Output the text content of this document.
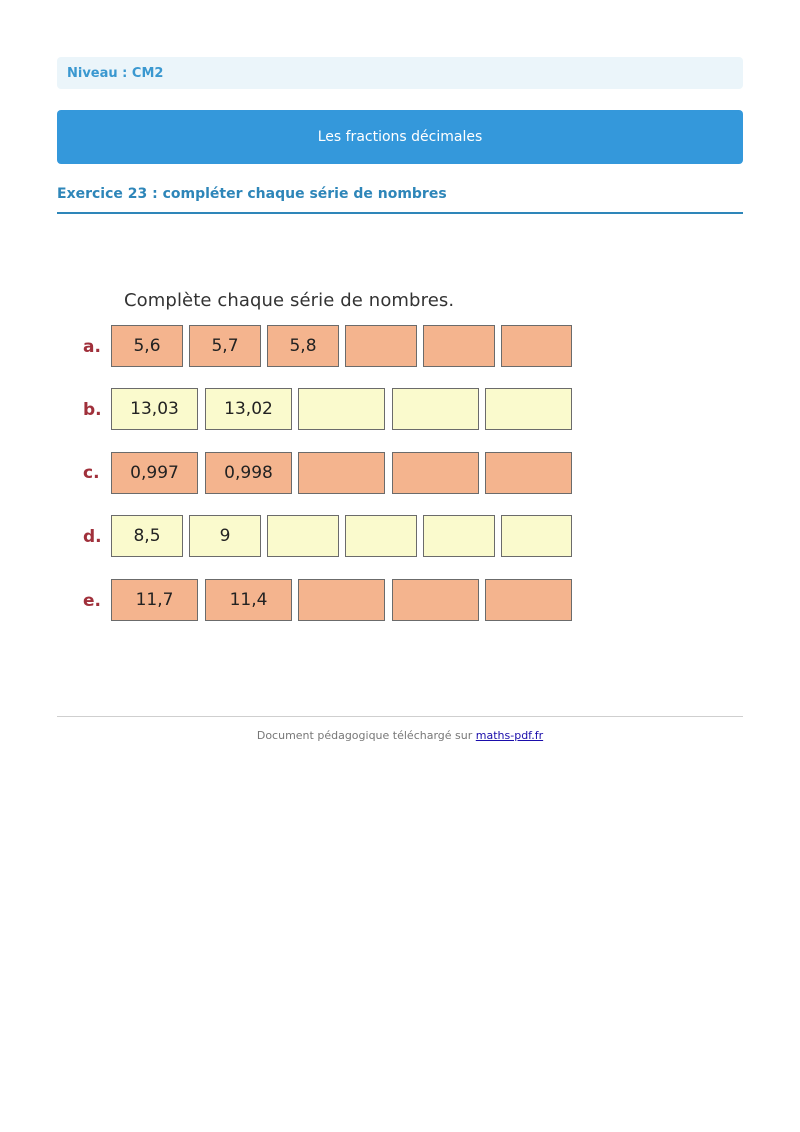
Niveau : CM2
Les fractions décimales
Exercice 23 : compléter chaque série de nombres
Complète chaque série de nombres.
a.	5,6	5,7	5,8
b.	13,03	13,02
c.	0,997	0,998
d.	8,5	9
e.	11,7	11,4
Document pédagogique téléchargé sur maths-pdf.fr
